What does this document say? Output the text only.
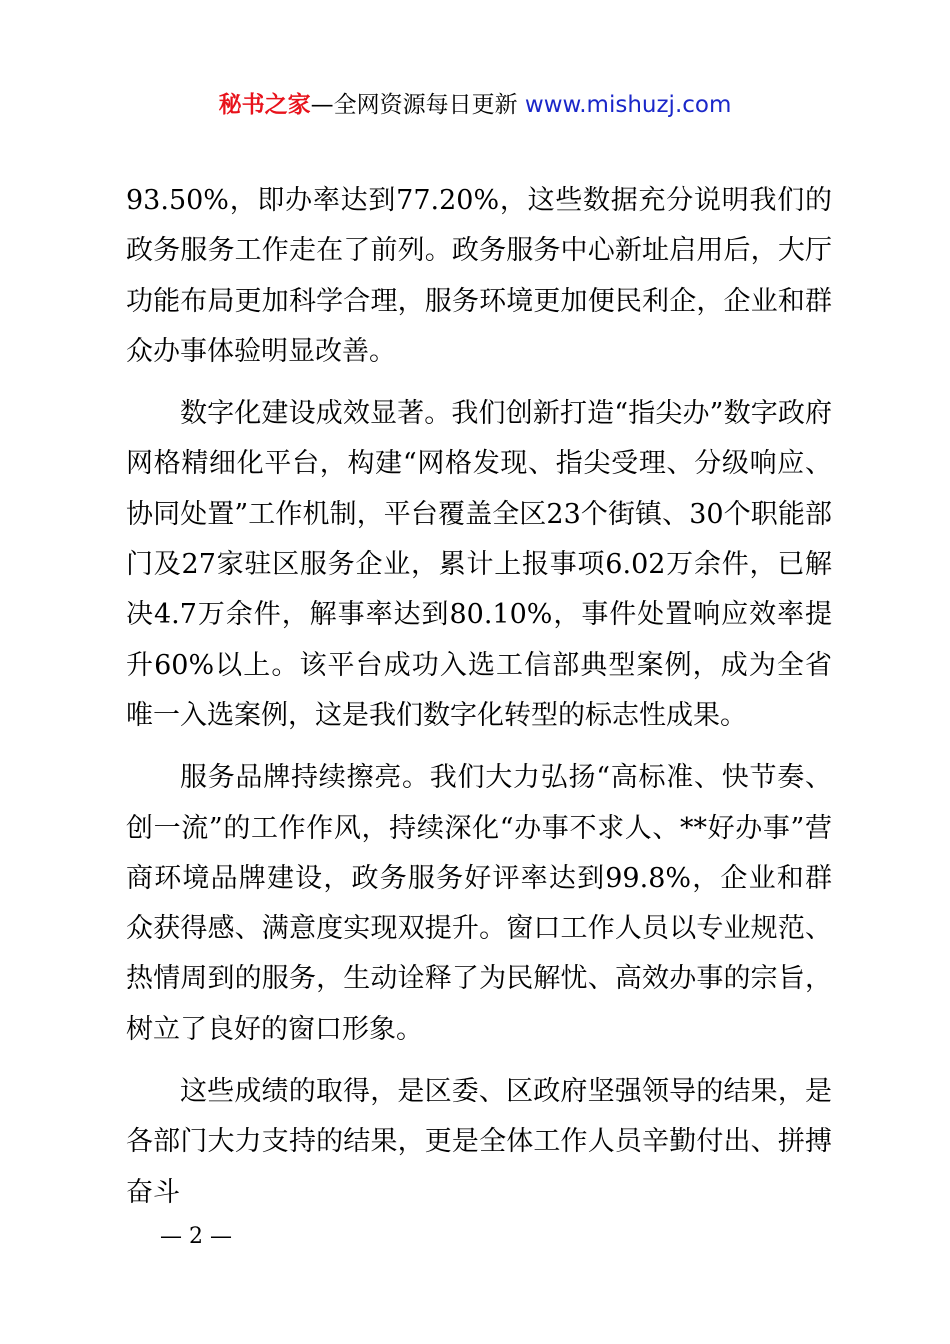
秘书之家—全网资源每日更新 www.mishuzj.com

93.50%，即办率达到77.20%，这些数据充分说明我们的政务服务工作走在了前列。政务服务中心新址启用后，大厅功能布局更加科学合理，服务环境更加便民利企，企业和群众办事体验明显改善。

数字化建设成效显著。我们创新打造“指尖办”数字政府网格精细化平台，构建“网格发现、指尖受理、分级响应、协同处置”工作机制，平台覆盖全区23个街镇、30个职能部门及27家驻区服务企业，累计上报事项6.02万余件，已解决4.7万余件，解事率达到80.10%，事件处置响应效率提升60%以上。该平台成功入选工信部典型案例，成为全省唯一入选案例，这是我们数字化转型的标志性成果。

服务品牌持续擦亮。我们大力弘扬“高标准、快节奏、创一流”的工作作风，持续深化“办事不求人、**好办事”营商环境品牌建设，政务服务好评率达到99.8%，企业和群众获得感、满意度实现双提升。窗口工作人员以专业规范、热情周到的服务，生动诠释了为民解忧、高效办事的宗旨，树立了良好的窗口形象。

这些成绩的取得，是区委、区政府坚强领导的结果，是各部门大力支持的结果，更是全体工作人员辛勤付出、拼搏奋斗

— 2 —
